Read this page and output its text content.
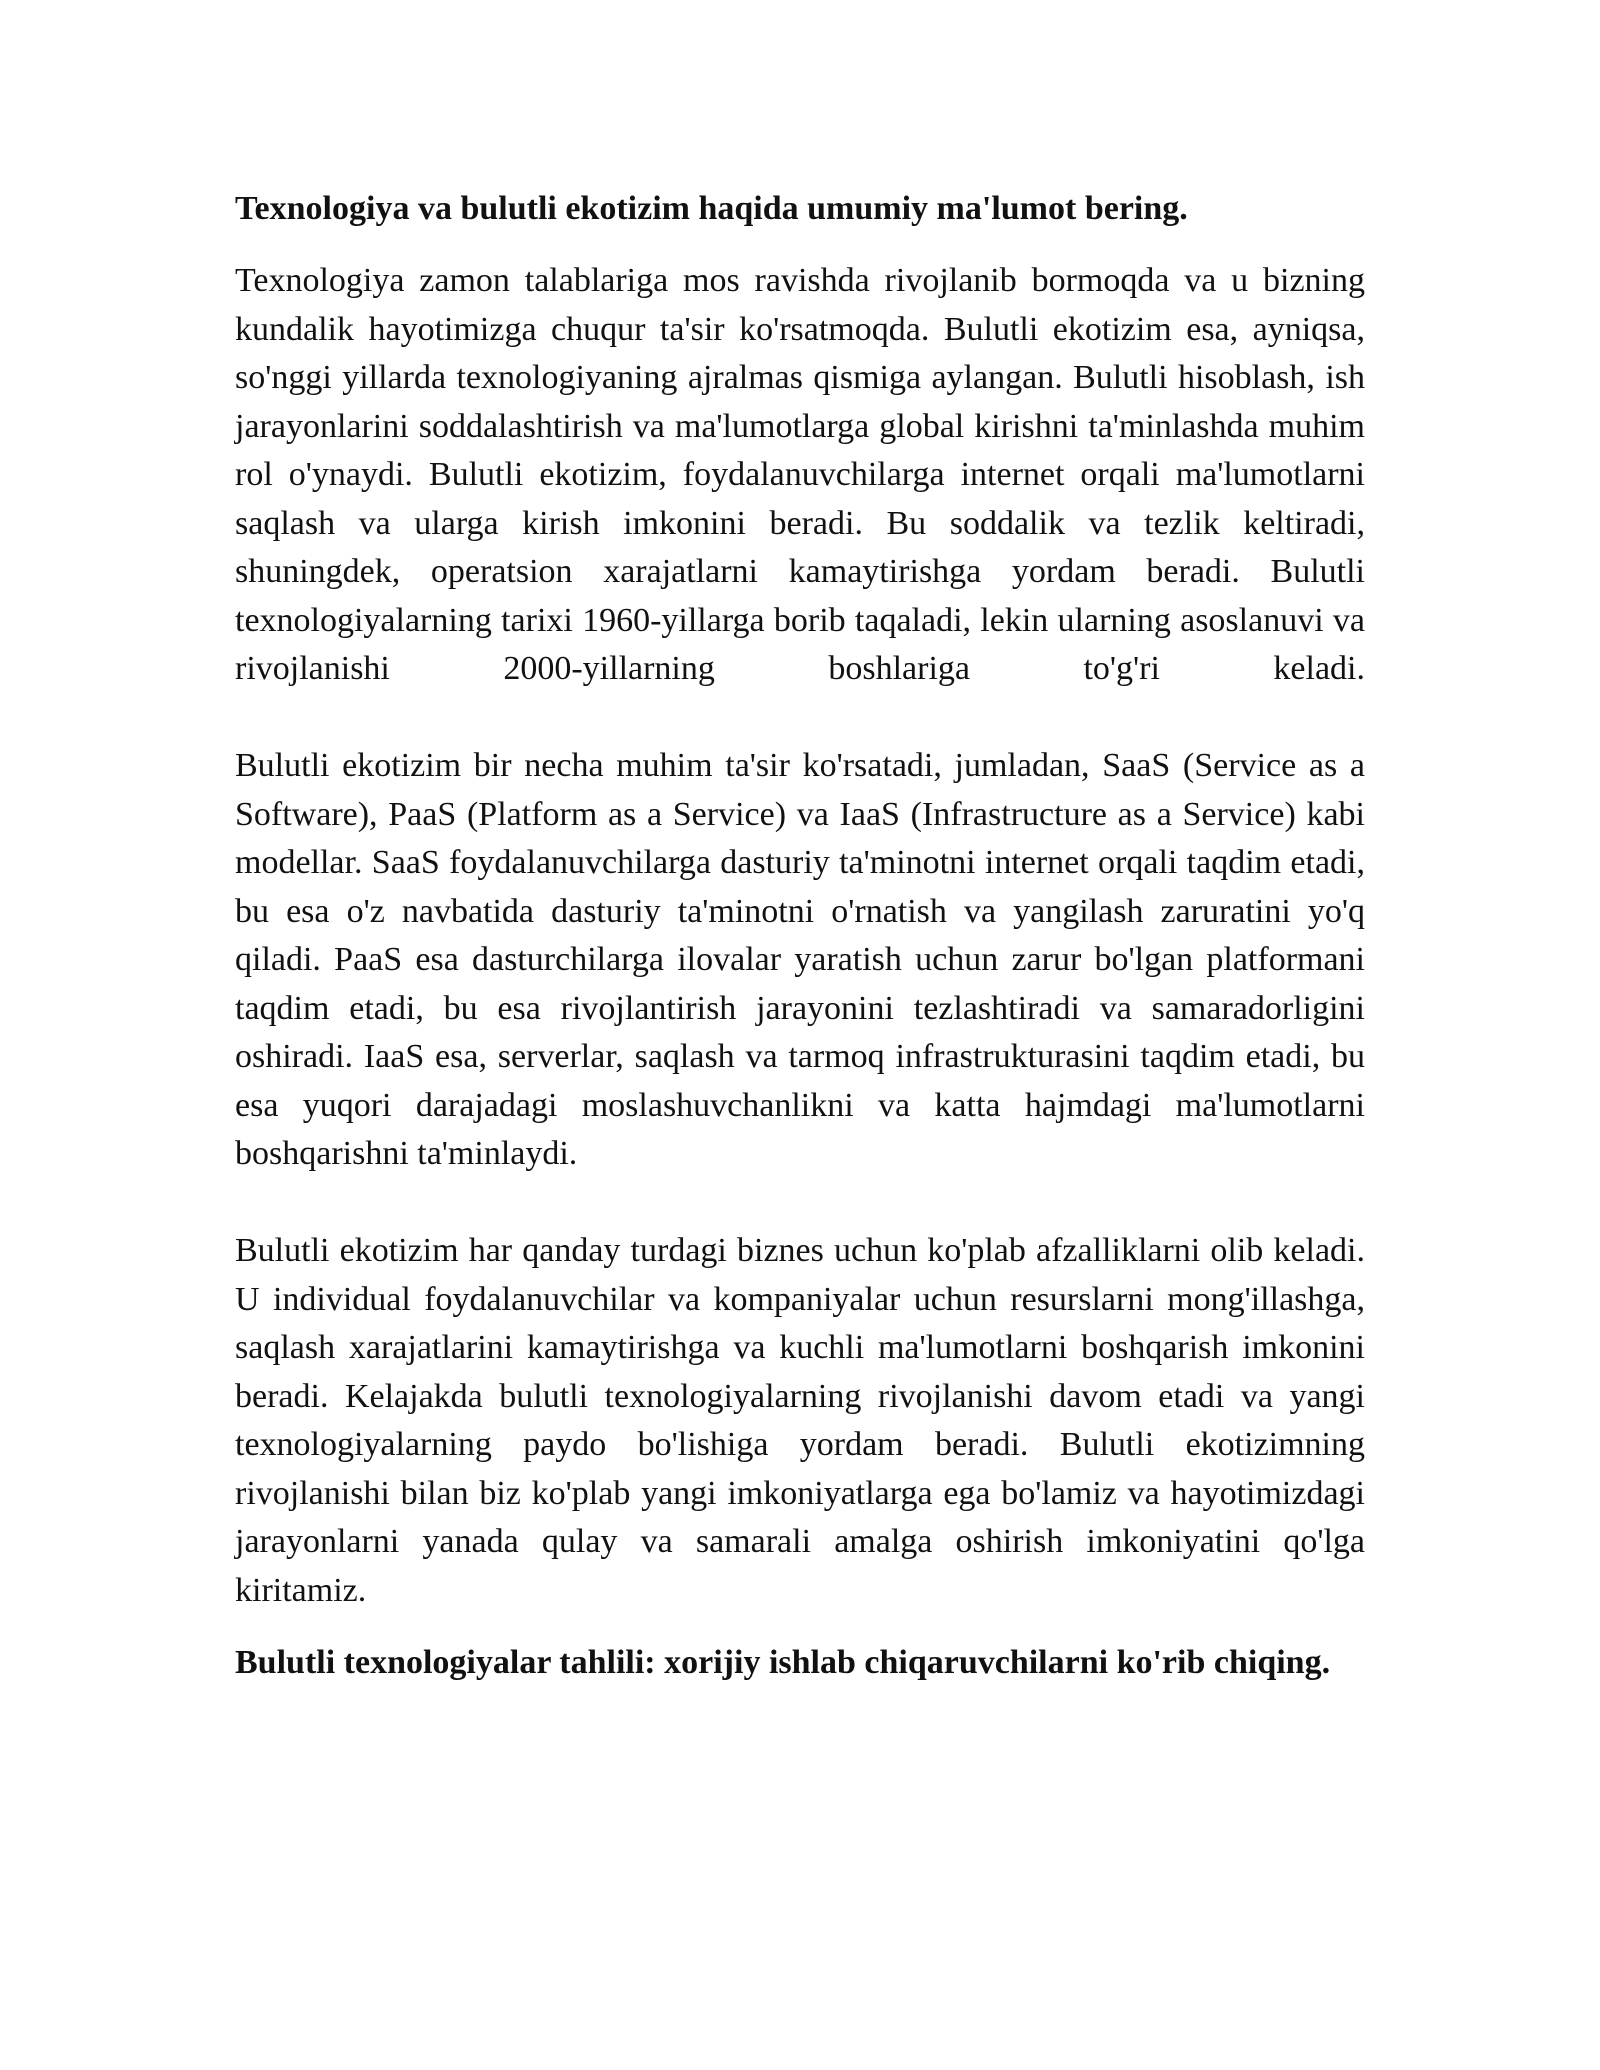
Texnologiya va bulutli ekotizim haqida umumiy ma'lumot bering.

Texnologiya zamon talablariga mos ravishda rivojlanib bormoqda va u bizning kundalik hayotimizga chuqur ta'sir ko'rsatmoqda. Bulutli ekotizim esa, ayniqsa, so'nggi yillarda texnologiyaning ajralmas qismiga aylangan. Bulutli hisoblash, ish jarayonlarini soddalashtirish va ma'lumotlarga global kirishni ta'minlashda muhim rol o'ynaydi. Bulutli ekotizim, foydalanuvchilarga internet orqali ma'lumotlarni saqlash va ularga kirish imkonini beradi. Bu soddalik va tezlik keltiradi, shuningdek, operatsion xarajatlarni kamaytirishga yordam beradi. Bulutli texnologiyalarning tarixi 1960-yillarga borib taqaladi, lekin ularning asoslanuvi va rivojlanishi 2000-yillarning boshlariga to'g'ri keladi.

Bulutli ekotizim bir necha muhim ta'sir ko'rsatadi, jumladan, SaaS (Service as a Software), PaaS (Platform as a Service) va IaaS (Infrastructure as a Service) kabi modellar. SaaS foydalanuvchilarga dasturiy ta'minotni internet orqali taqdim etadi, bu esa o'z navbatida dasturiy ta'minotni o'rnatish va yangilash zaruratini yo'q qiladi. PaaS esa dasturchilarga ilovalar yaratish uchun zarur bo'lgan platformani taqdim etadi, bu esa rivojlantirish jarayonini tezlashtiradi va samaradorligini oshiradi. IaaS esa, serverlar, saqlash va tarmoq infrastrukturasini taqdim etadi, bu esa yuqori darajadagi moslashuvchanlikni va katta hajmdagi ma'lumotlarni boshqarishni ta'minlaydi.

Bulutli ekotizim har qanday turdagi biznes uchun ko'plab afzalliklarni olib keladi. U individual foydalanuvchilar va kompaniyalar uchun resurslarni mong'illashga, saqlash xarajatlarini kamaytirishga va kuchli ma'lumotlarni boshqarish imkonini beradi. Kelajakda bulutli texnologiyalarning rivojlanishi davom etadi va yangi texnologiyalarning paydo bo'lishiga yordam beradi. Bulutli ekotizimning rivojlanishi bilan biz ko'plab yangi imkoniyatlarga ega bo'lamiz va hayotimizdagi jarayonlarni yanada qulay va samarali amalga oshirish imkoniyatini qo'lga kiritamiz.

Bulutli texnologiyalar tahlili: xorijiy ishlab chiqaruvchilarni ko'rib chiqing.
